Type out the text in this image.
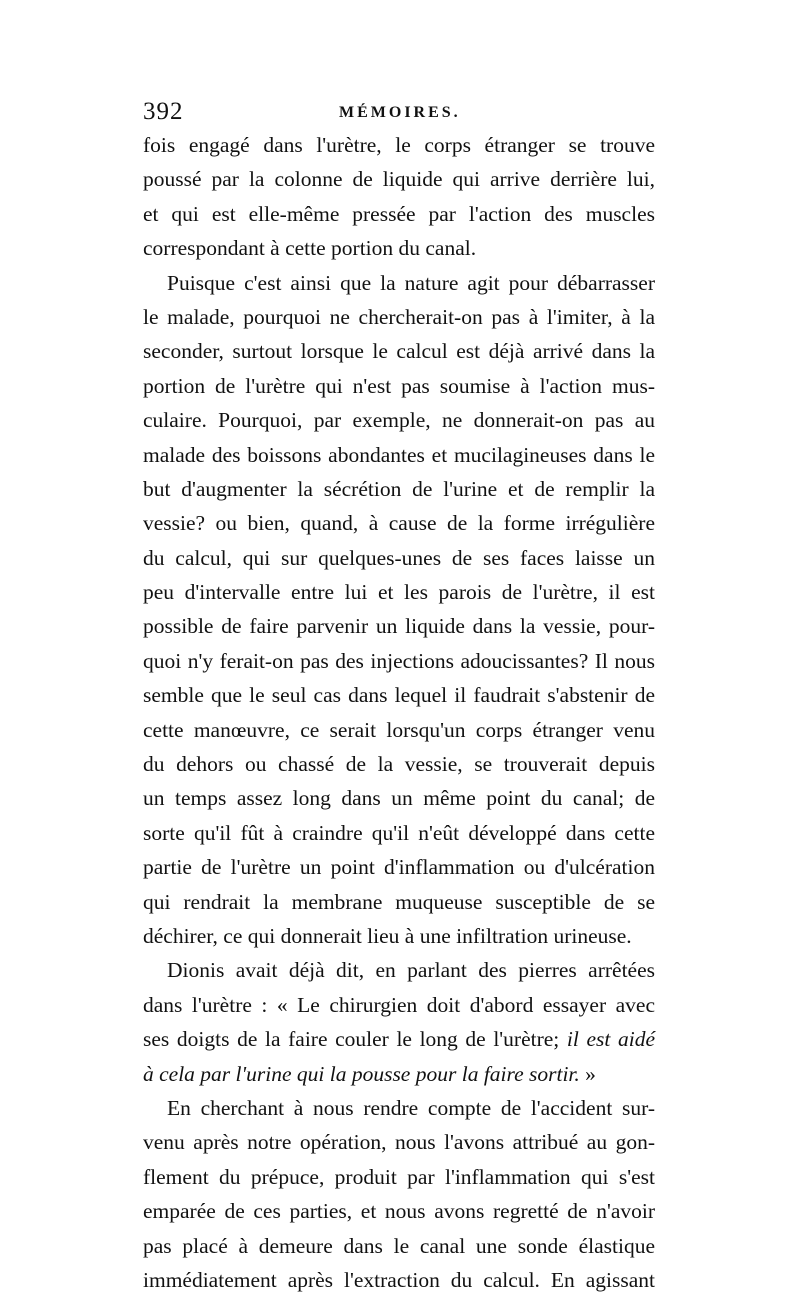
392	MÉMOIRES.
fois engagé dans l'urètre, le corps étranger se trouve
poussé par la colonne de liquide qui arrive derrière lui,
et qui est elle-même pressée par l'action des muscles
correspondant à cette portion du canal.
Puisque c'est ainsi que la nature agit pour débarrasser
le malade, pourquoi ne chercherait-on pas à l'imiter, à la
seconder, surtout lorsque le calcul est déjà arrivé dans la
portion de l'urètre qui n'est pas soumise à l'action mus-
culaire. Pourquoi, par exemple, ne donnerait-on pas au
malade des boissons abondantes et mucilagineuses dans le
but d'augmenter la sécrétion de l'urine et de remplir la
vessie? ou bien, quand, à cause de la forme irrégulière
du calcul, qui sur quelques-unes de ses faces laisse un
peu d'intervalle entre lui et les parois de l'urètre, il est
possible de faire parvenir un liquide dans la vessie, pour-
quoi n'y ferait-on pas des injections adoucissantes? Il nous
semble que le seul cas dans lequel il faudrait s'abstenir de
cette manœuvre, ce serait lorsqu'un corps étranger venu
du dehors ou chassé de la vessie, se trouverait depuis
un temps assez long dans un même point du canal; de
sorte qu'il fût à craindre qu'il n'eût développé dans cette
partie de l'urètre un point d'inflammation ou d'ulcération
qui rendrait la membrane muqueuse susceptible de se
déchirer, ce qui donnerait lieu à une infiltration urineuse.
Dionis avait déjà dit, en parlant des pierres arrêtées
dans l'urètre : « Le chirurgien doit d'abord essayer avec
ses doigts de la faire couler le long de l'urètre; il est aidé
à cela par l'urine qui la pousse pour la faire sortir. »
En cherchant à nous rendre compte de l'accident sur-
venu après notre opération, nous l'avons attribué au gon-
flement du prépuce, produit par l'inflammation qui s'est
emparée de ces parties, et nous avons regretté de n'avoir
pas placé à demeure dans le canal une sonde élastique
immédiatement après l'extraction du calcul. En agissant
